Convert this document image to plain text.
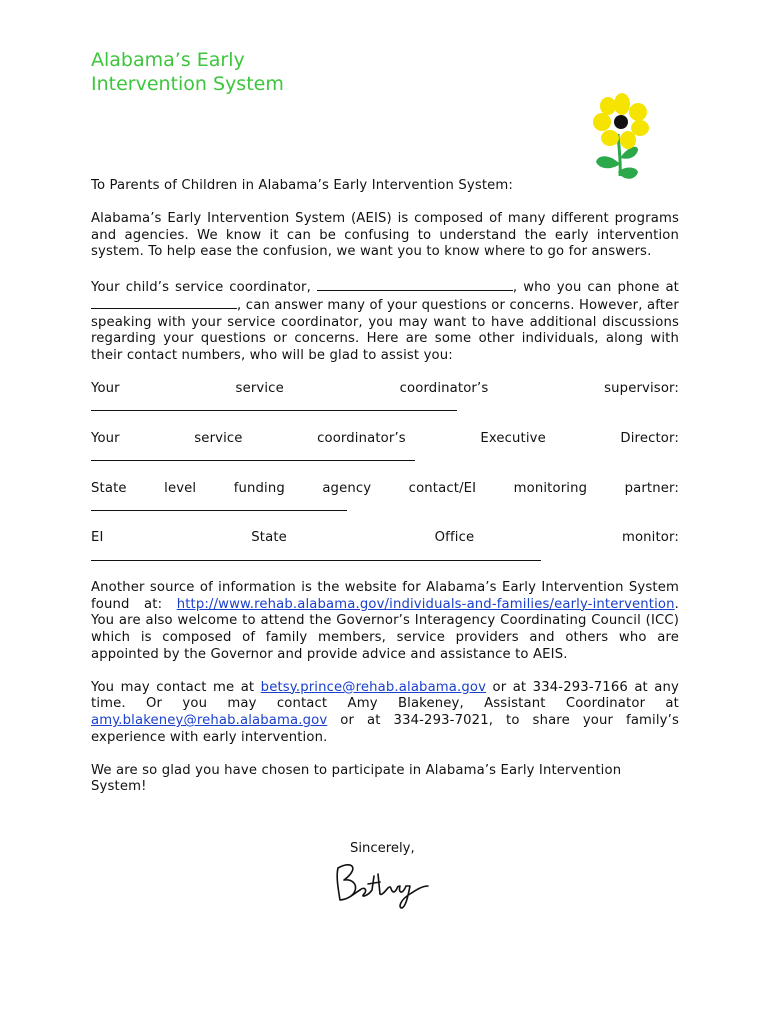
Alabama’s Early
Intervention System

To Parents of Children in Alabama’s Early Intervention System:

Alabama’s Early Intervention System (AEIS) is composed of many different programs and agencies. We know it can be confusing to understand the early intervention system. To help ease the confusion, we want you to know where to go for answers.

Your child’s service coordinator,	, who you can phone at , can answer many of your questions or concerns. However, after speaking with your service coordinator, you may want to have additional discussions regarding your questions or concerns. Here are some other individuals, along with their contact numbers, who will be glad to assist you:

Your	service	coordinator’s	supervisor:
Your	service	coordinator’s	Executive	Director:
State	level	funding	agency	contact/EI	monitoring	partner:
EI	State	Office	monitor:

Another source of information is the website for Alabama’s Early Intervention System found at: http://www.rehab.alabama.gov/individuals-and-families/early-intervention. You are also welcome to attend the Governor’s Interagency Coordinating Council (ICC) which is composed of family members, service providers and others who are appointed by the Governor and provide advice and assistance to AEIS.

You may contact me at betsy.prince@rehab.alabama.gov or at 334-293-7166 at any time. Or you may contact Amy Blakeney, Assistant Coordinator at amy.blakeney@rehab.alabama.gov or at 334-293-7021, to share your family’s experience with early intervention.

We are so glad you have chosen to participate in Alabama’s Early Intervention System!

Sincerely,
